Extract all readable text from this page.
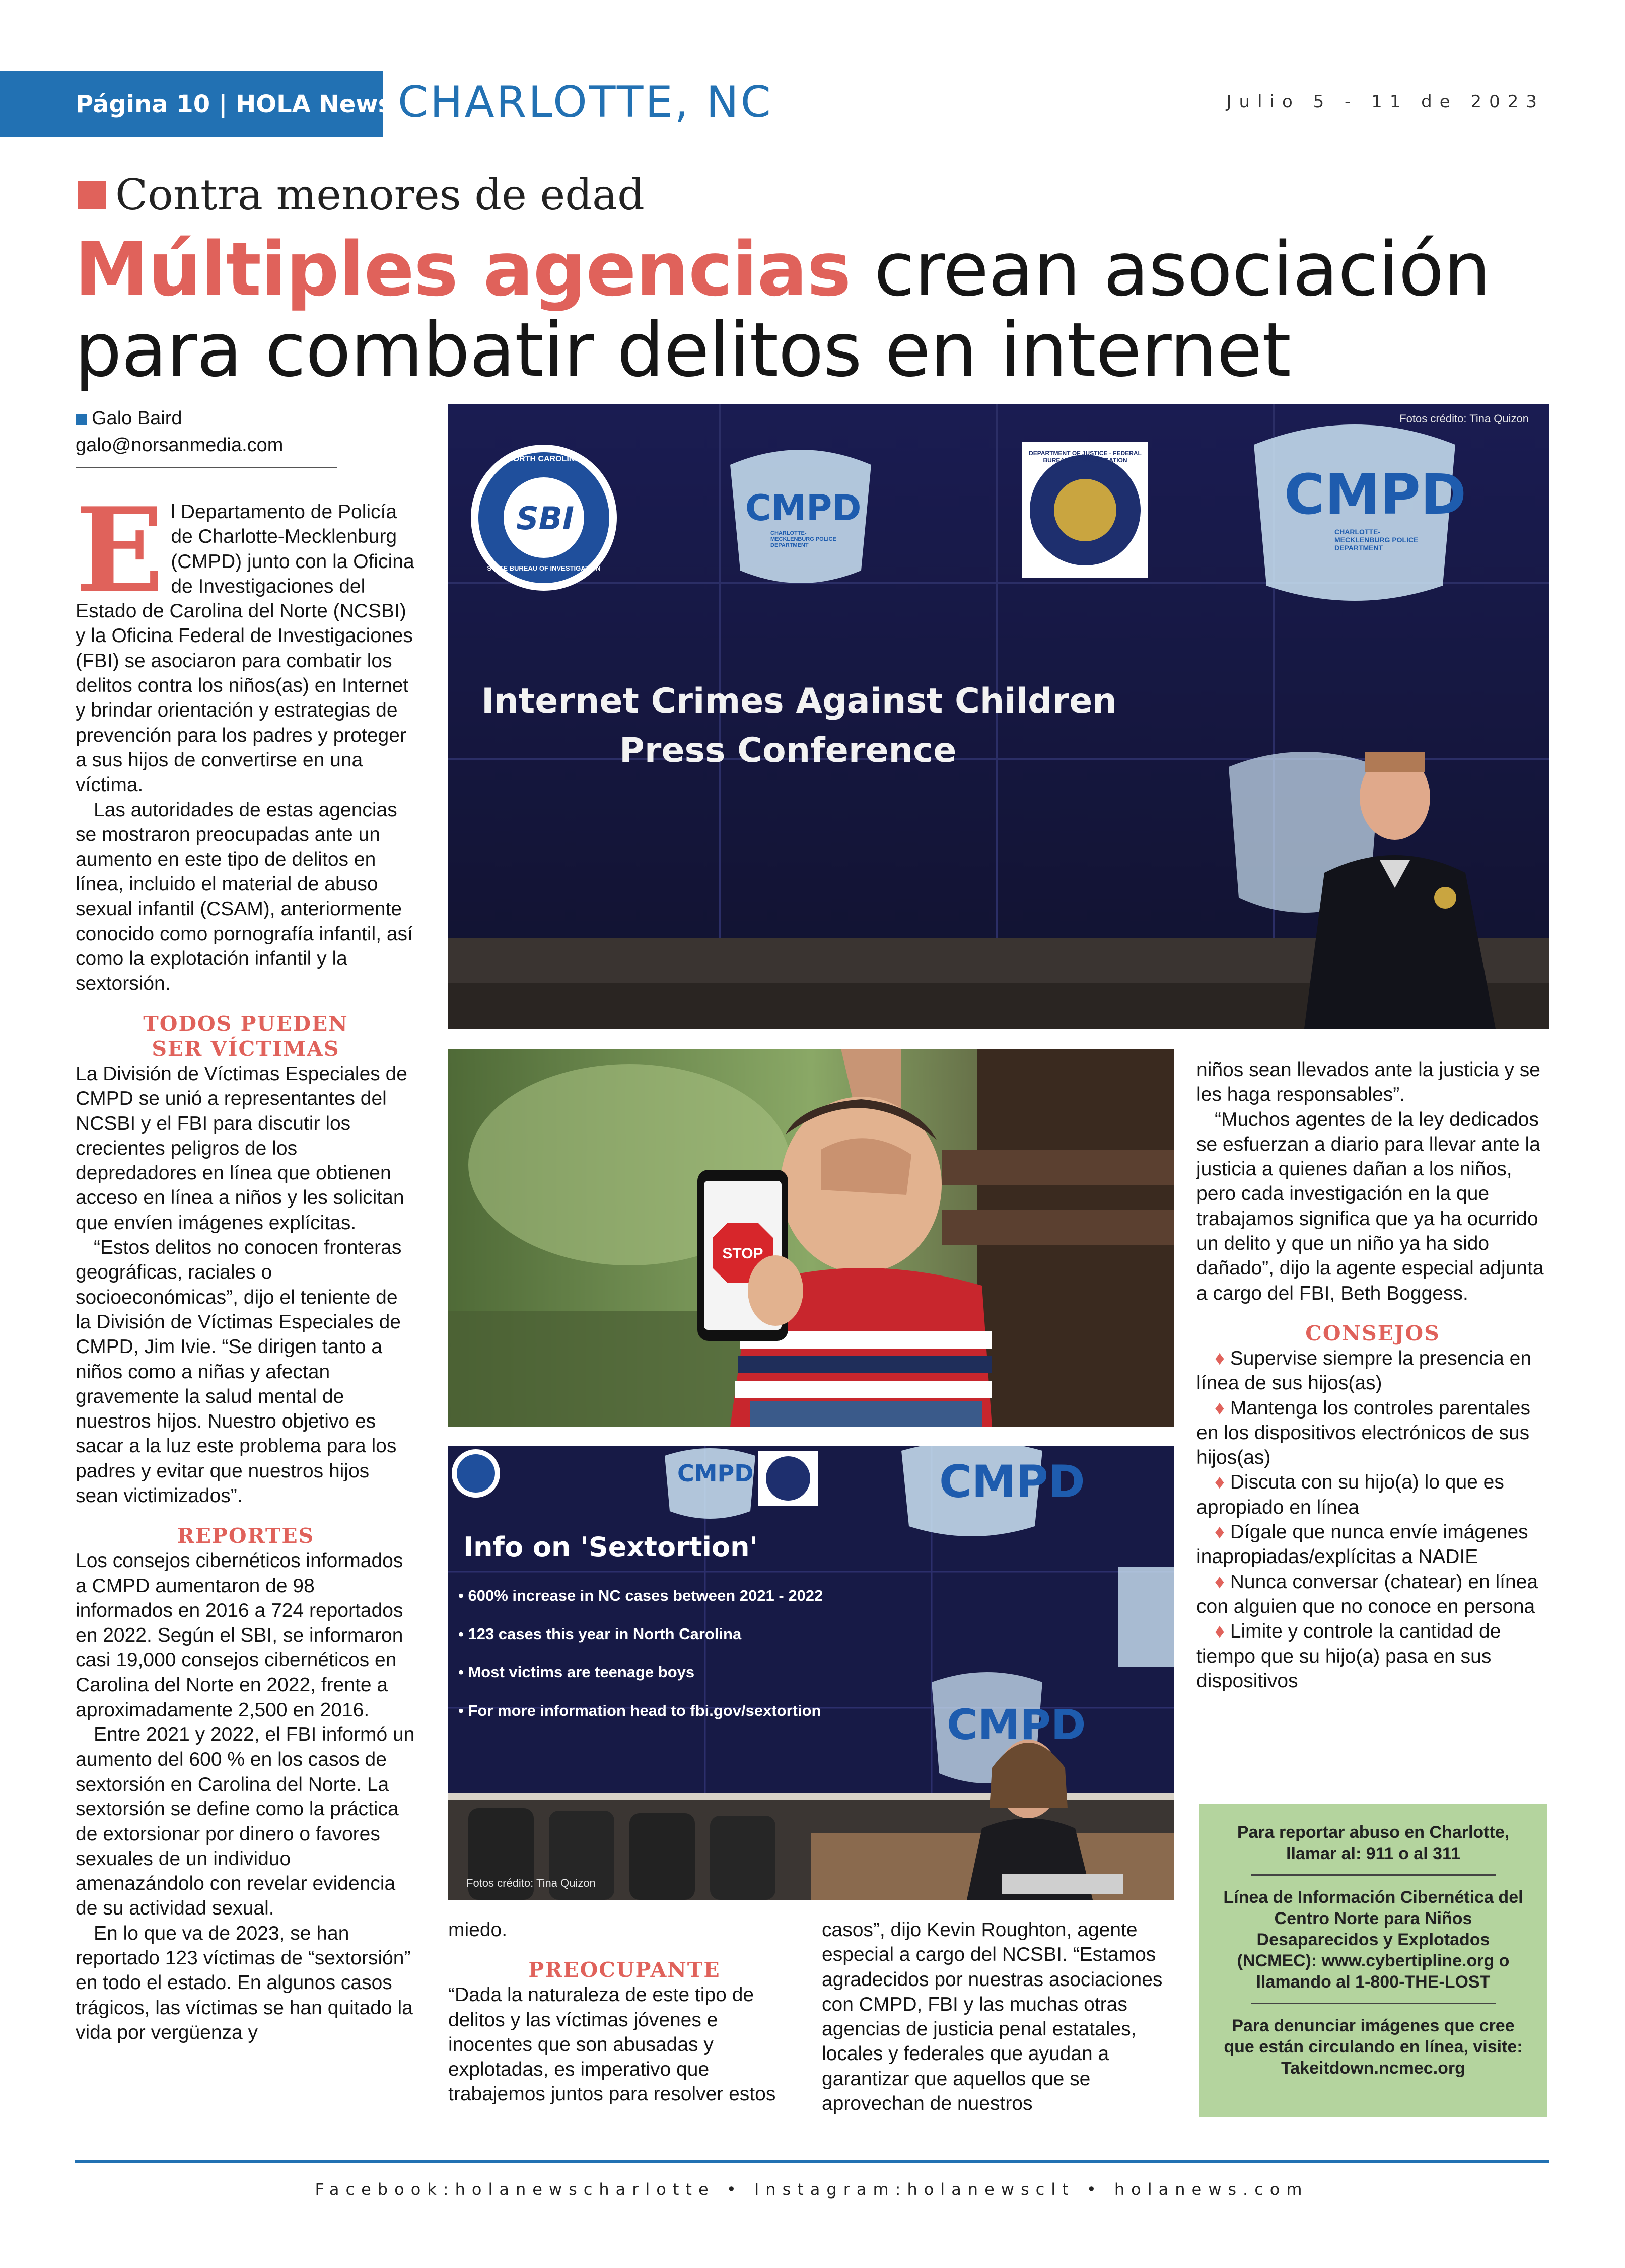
Página 10 | HOLA News CHARLOTTE, NC	Julio 5 - 11 de 2023
Contra menores de edad
Múltiples agencias crean asociación
para combatir delitos en internet
Galo Baird
galo@norsanmedia.com

El Departamento de Policía de Charlotte-Mecklenburg (CMPD) junto con la Oficina de Investigaciones del Estado de Carolina del Norte (NCSBI) y la Oficina Federal de Investigaciones (FBI) se asociaron para combatir los delitos contra los niños(as) en Internet y brindar orientación y estrategias de prevención para los padres y proteger a sus hijos de convertirse en una víctima.

Las autoridades de estas agencias se mostraron preocupadas ante un aumento en este tipo de delitos en línea, incluido el material de abuso sexual infantil (CSAM), anteriormente conocido como pornografía infantil, así como la explotación infantil y la sextorsión.

TODOS PUEDEN
SER VÍCTIMAS

La División de Víctimas Especiales de CMPD se unió a representantes del NCSBI y el FBI para discutir los crecientes peligros de los depredadores en línea que obtienen acceso en línea a niños y les solicitan que envíen imágenes explícitas.

“Estos delitos no conocen fronteras geográficas, raciales o socioeconómicas”, dijo el teniente de la División de Víctimas Especiales de CMPD, Jim Ivie. “Se dirigen tanto a niños como a niñas y afectan gravemente la salud mental de nuestros hijos. Nuestro objetivo es sacar a la luz este problema para los padres y evitar que nuestros hijos sean victimizados”.

REPORTES

Los consejos cibernéticos informados a CMPD aumentaron de 98 informados en 2016 a 724 reportados en 2022. Según el SBI, se informaron casi 19,000 consejos cibernéticos en Carolina del Norte en 2022, frente a aproximadamente 2,500 en 2016.

Entre 2021 y 2022, el FBI informó un aumento del 600 % en los casos de sextorsión en Carolina del Norte. La sextorsión se define como la práctica de extorsionar por dinero o favores sexuales de un individuo amenazándolo con revelar evidencia de su actividad sexual.

En lo que va de 2023, se han reportado 123 víctimas de “sextorsión” en todo el estado. En algunos casos trágicos, las víctimas se han quitado la vida por vergüenza y

Fotos crédito: Tina Quizon
SBI
NORTH CAROLINA
STATE BUREAU OF INVESTIGATION
DEPARTMENT OF JUSTICE · FEDERAL BUREAU OF INVESTIGATION
CMPD
CHARLOTTE-MECKLENBURG POLICE DEPARTMENT
CMPD
CHARLOTTE-MECKLENBURG POLICE DEPARTMENT
Internet Crimes Against Children
Press Conference
STOP
CMPD	CMPD
CMPD
Info on 'Sextortion'
• 600% increase in NC cases between 2021 - 2022
• 123 cases this year in North Carolina
• Most victims are teenage boys
• For more information head to fbi.gov/sextortion
Fotos crédito: Tina Quizon

miedo.

PREOCUPANTE

“Dada la naturaleza de este tipo de delitos y las víctimas jóvenes e inocentes que son abusadas y explotadas, es imperativo que trabajemos juntos para resolver estos

casos”, dijo Kevin Roughton, agente especial a cargo del NCSBI. “Estamos agradecidos por nuestras asociaciones con CMPD, FBI y las muchas otras agencias de justicia penal estatales, locales y federales que ayudan a garantizar que aquellos que se aprovechan de nuestros

niños sean llevados ante la justicia y se les haga responsables”.

“Muchos agentes de la ley dedicados se esfuerzan a diario para llevar ante la justicia a quienes dañan a los niños, pero cada investigación en la que trabajamos significa que ya ha ocurrido un delito y que un niño ya ha sido dañado”, dijo la agente especial adjunta a cargo del FBI, Beth Boggess.

CONSEJOS

♦ Supervise siempre la presencia en línea de sus hijos(as)

♦ Mantenga los controles parentales en los dispositivos electrónicos de sus hijos(as)

♦ Discuta con su hijo(a) lo que es apropiado en línea

♦ Dígale que nunca envíe imágenes inapropiadas/explícitas a NADIE

♦ Nunca conversar (chatear) en línea con alguien que no conoce en persona

♦ Limite y controle la cantidad de tiempo que su hijo(a) pasa en sus dispositivos

Para reportar abuso en Charlotte, llamar al: 911 o al 311
Línea de Información Cibernética del Centro Norte para Niños Desaparecidos y Explotados (NCMEC): www.cybertipline.org o llamando al 1-800-THE-LOST
Para denunciar imágenes que cree que están circulando en línea, visite: Takeitdown.ncmec.org
Facebook:holanewscharlotte • Instagram:holanewsclt • holanews.com
